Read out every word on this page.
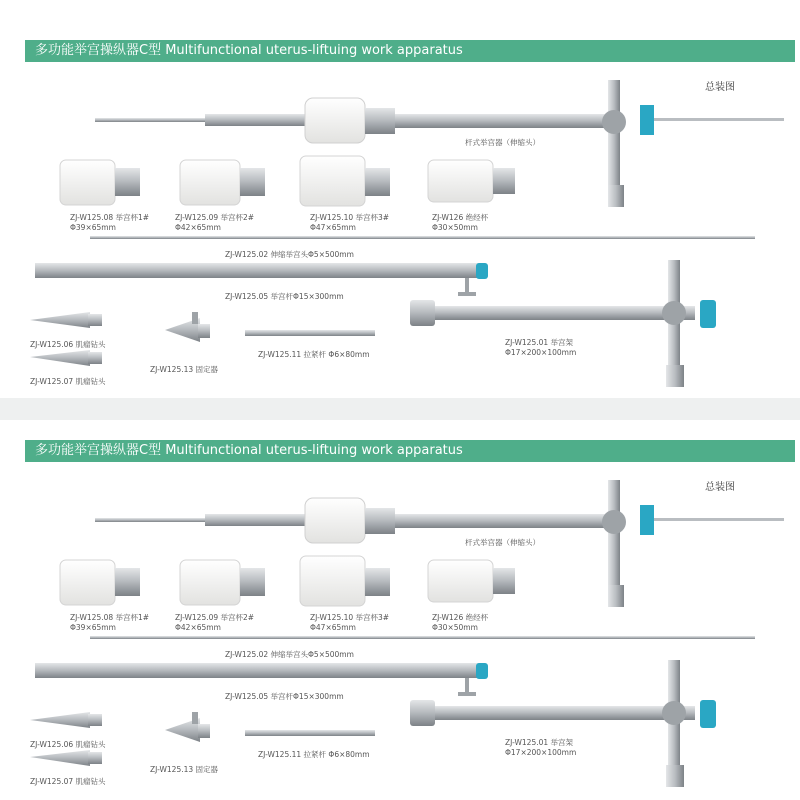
多功能举宫操纵器C型 Multifunctional uterus-liftuing work apparatus
总装图
杆式举宫器（伸缩头）
ZJ-W125.08 举宫杯1#
Φ39×65mm
ZJ-W125.09 举宫杯2#
Φ42×65mm
ZJ-W125.10 举宫杯3#
Φ47×65mm
ZJ-W126 绝经杯
Φ30×50mm
ZJ-W125.02 伸缩举宫头Φ5×500mm
ZJ-W125.05 举宫杆Φ15×300mm
ZJ-W125.06 肌瘤钻头
ZJ-W125.07 肌瘤钻头
ZJ-W125.13 固定器
ZJ-W125.11 拉紧杆 Φ6×80mm
ZJ-W125.01 举宫架
Φ17×200×100mm
多功能举宫操纵器C型 Multifunctional uterus-liftuing work apparatus
总装图
杆式举宫器（伸缩头）
ZJ-W125.08 举宫杯1#
Φ39×65mm
ZJ-W125.09 举宫杯2#
Φ42×65mm
ZJ-W125.10 举宫杯3#
Φ47×65mm
ZJ-W126 绝经杯
Φ30×50mm
ZJ-W125.02 伸缩举宫头Φ5×500mm
ZJ-W125.05 举宫杆Φ15×300mm
ZJ-W125.06 肌瘤钻头
ZJ-W125.07 肌瘤钻头
ZJ-W125.13 固定器
ZJ-W125.11 拉紧杆 Φ6×80mm
ZJ-W125.01 举宫架
Φ17×200×100mm
